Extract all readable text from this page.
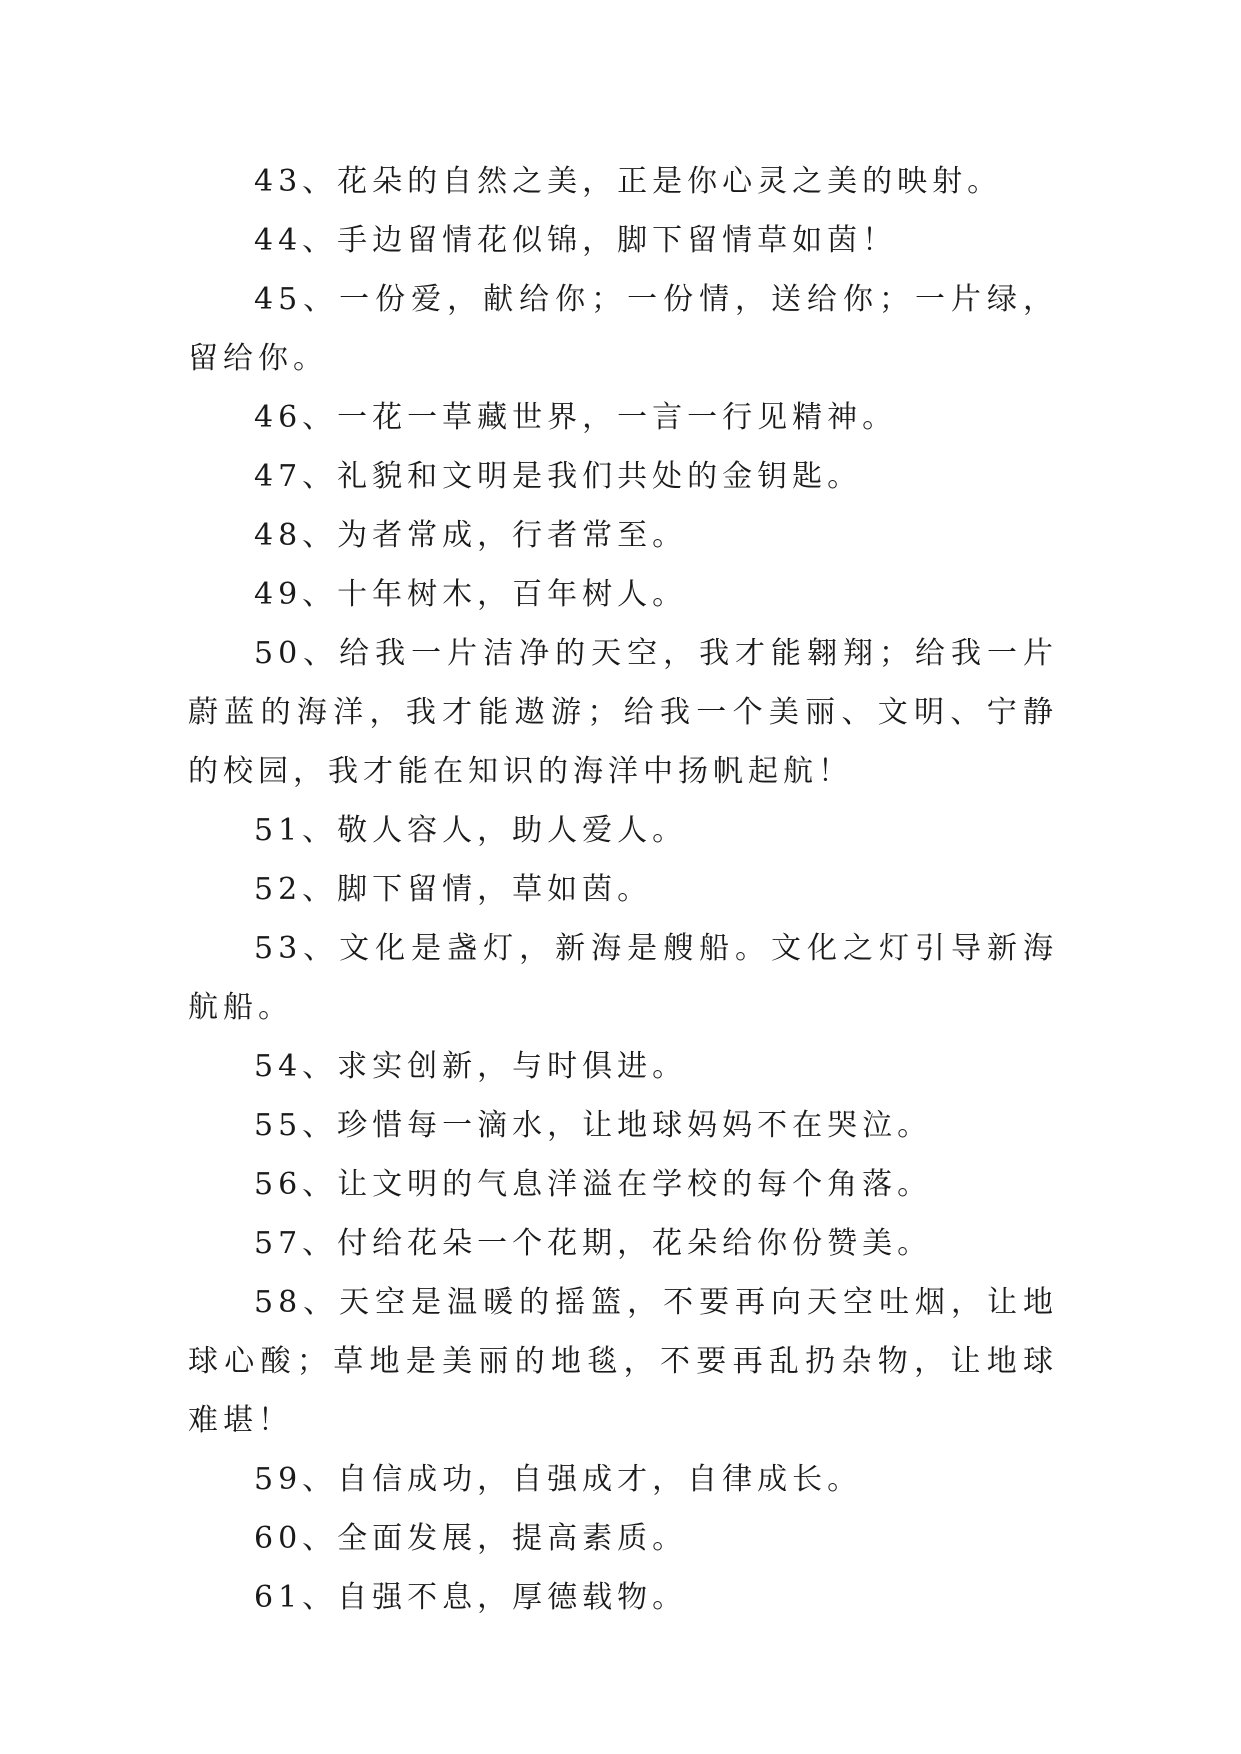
43、花朵的自然之美，正是你心灵之美的映射。

44、手边留情花似锦，脚下留情草如茵！

45、一份爱，献给你；一份情，送给你；一片绿，留给你。

46、一花一草藏世界，一言一行见精神。

47、礼貌和文明是我们共处的金钥匙。

48、为者常成，行者常至。

49、十年树木，百年树人。

50、给我一片洁净的天空，我才能翱翔；给我一片蔚蓝的海洋，我才能遨游；给我一个美丽、文明、宁静的校园，我才能在知识的海洋中扬帆起航！

51、敬人容人，助人爱人。

52、脚下留情，草如茵。

53、文化是盏灯，新海是艘船。文化之灯引导新海航船。

54、求实创新，与时俱进。

55、珍惜每一滴水，让地球妈妈不在哭泣。

56、让文明的气息洋溢在学校的每个角落。

57、付给花朵一个花期，花朵给你份赞美。

58、天空是温暖的摇篮，不要再向天空吐烟，让地球心酸；草地是美丽的地毯，不要再乱扔杂物，让地球难堪！

59、自信成功，自强成才，自律成长。

60、全面发展，提高素质。

61、自强不息，厚德载物。
